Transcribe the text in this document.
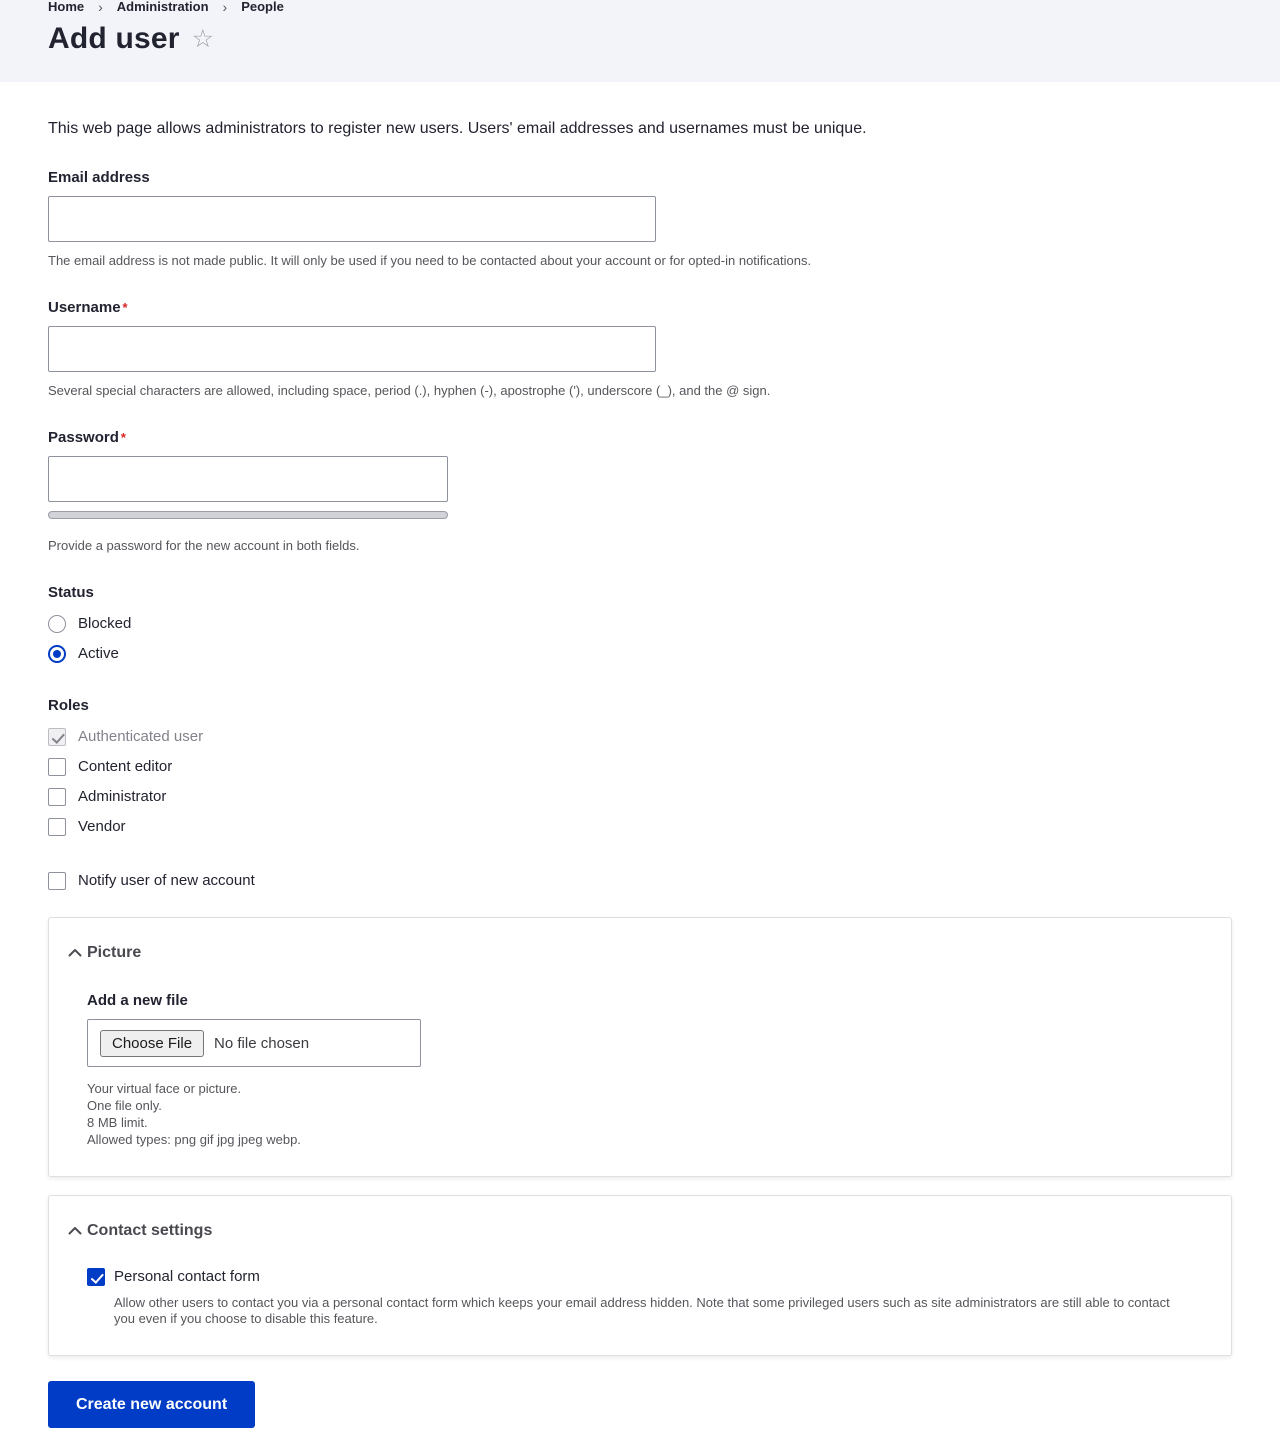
Home › Administration › People
Add user ☆

This web page allows administrators to register new users. Users' email addresses and usernames must be unique.

Email address
The email address is not made public. It will only be used if you need to be contacted about your account or for opted-in notifications.
Username *
Several special characters are allowed, including space, period (.), hyphen (-), apostrophe ('), underscore (_), and the @ sign.
Password *
Provide a password for the new account in both fields.
Status
Blocked
Active
Roles
Authenticated user
Content editor
Administrator
Vendor
Notify user of new account
Picture
Add a new file
Choose File	No file chosen
Your virtual face or picture.
One file only.
8 MB limit.
Allowed types: png gif jpg jpeg webp.
Contact settings
Personal contact form
Allow other users to contact you via a personal contact form which keeps your email address hidden. Note that some privileged users such as site administrators are still able to contact you even if you choose to disable this feature.
Create new account
